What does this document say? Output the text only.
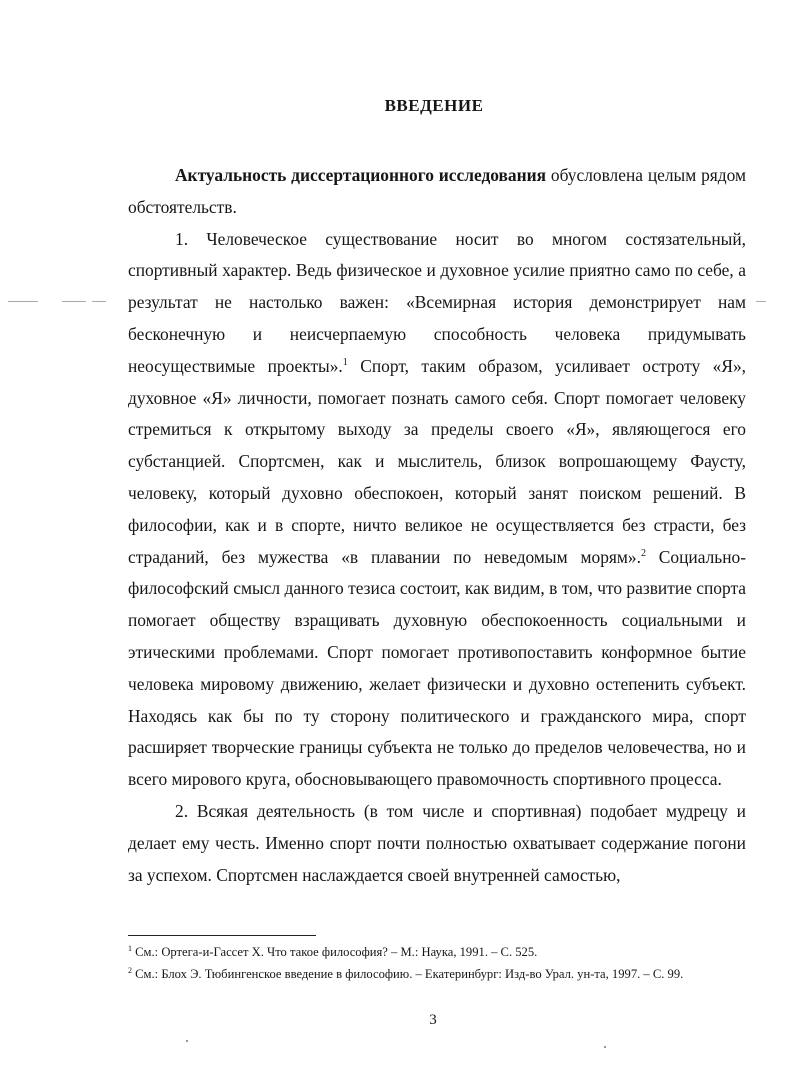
ВВЕДЕНИЕ

Актуальность диссертационного исследования обусловлена целым рядом обстоятельств.

1. Человеческое существование носит во многом состязательный, спортивный характер. Ведь физическое и духовное усилие приятно само по себе, а результат не настолько важен: «Всемирная история демонстрирует нам бесконечную и неисчерпаемую способность человека придумывать неосуществимые проекты».$^1$ Спорт, таким образом, усиливает остроту «Я», духовное «Я» личности, помогает познать самого себя. Спорт помогает человеку стремиться к открытому выходу за пределы своего «Я», являющегося его субстанцией. Спортсмен, как и мыслитель, близок вопрошающему Фаусту, человеку, который духовно обеспокоен, который занят поиском решений. В философии, как и в спорте, ничто великое не осуществляется без страсти, без страданий, без мужества «в плавании по неведомым морям».$^2$ Социально-философский смысл данного тезиса состоит, как видим, в том, что развитие спорта помогает обществу взращивать духовную обеспокоенность социальными и этическими проблемами. Спорт помогает противопоставить конформное бытие человека мировому движению, желает физически и духовно остепенить субъект. Находясь как бы по ту сторону политического и гражданского мира, спорт расширяет творческие границы субъекта не только до пределов человечества, но и всего мирового круга, обосновывающего правомочность спортивного процесса.

2. Всякая деятельность (в том числе и спортивная) подобает мудрецу и делает ему честь. Именно спорт почти полностью охватывает содержание погони за успехом. Спортсмен наслаждается своей внутренней самостью,

$^1$ См.: Ортега-и-Гассет Х. Что такое философия? – М.: Наука, 1991. – С. 525.
$^2$ См.: Блох Э. Тюбингенское введение в философию. – Екатеринбург: Изд-во Урал. ун-та, 1997. – С. 99.
3
